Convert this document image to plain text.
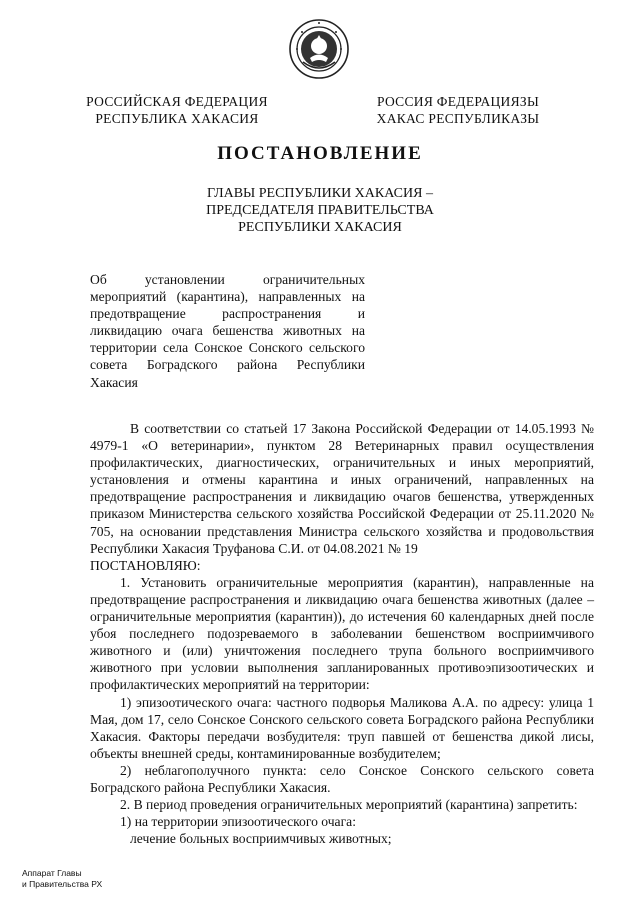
РОССИЙСКАЯ ФЕДЕРАЦИЯ
РЕСПУБЛИКА ХАКАСИЯ
РОССИЯ ФЕДЕРАЦИЯЗЫ
ХАКАС РЕСПУБЛИКАЗЫ
ПОСТАНОВЛЕНИЕ
ГЛАВЫ РЕСПУБЛИКИ ХАКАСИЯ –
ПРЕДСЕДАТЕЛЯ ПРАВИТЕЛЬСТВА
РЕСПУБЛИКИ ХАКАСИЯ
Об установлении ограничительных мероприятий (карантина), направленных на предотвращение распространения и ликвидацию очага бешенства животных на территории села Сонское Сонского сельского совета Боградского района Республики Хакасия

В соответствии со статьей 17 Закона Российской Федерации от 14.05.1993 № 4979-1 «О ветеринарии», пунктом 28 Ветеринарных правил осуществления профилактических, диагностических, ограничительных и иных мероприятий, установления и отмены карантина и иных ограничений, направленных на предотвращение распространения и ликвидацию очагов бешенства, утвержденных приказом Министерства сельского хозяйства Российской Федерации от 25.11.2020 № 705, на основании представления Министра сельского хозяйства и продовольствия Республики Хакасия Труфанова С.И. от 04.08.2021 № 19

ПОСТАНОВЛЯЮ:

1. Установить ограничительные мероприятия (карантин), направленные на предотвращение распространения и ликвидацию очага бешенства животных (далее – ограничительные мероприятия (карантин)), до истечения 60 календарных дней после убоя последнего подозреваемого в заболевании бешенством восприимчивого животного и (или) уничтожения последнего трупа больного восприимчивого животного при условии выполнения запланированных противоэпизоотических и профилактических мероприятий на территории:

1) эпизоотического очага: частного подворья Маликова А.А. по адресу: улица 1 Мая, дом 17, село Сонское Сонского сельского совета Боградского района Республики Хакасия. Факторы передачи возбудителя: труп павшей от бешенства дикой лисы, объекты внешней среды, контаминированные возбудителем;

2) неблагополучного пункта: село Сонское Сонского сельского совета Боградского района Республики Хакасия.

2. В период проведения ограничительных мероприятий (карантина) запретить:

1) на территории эпизоотического очага:

лечение больных восприимчивых животных;

Аппарат Главы
и Правительства РХ
